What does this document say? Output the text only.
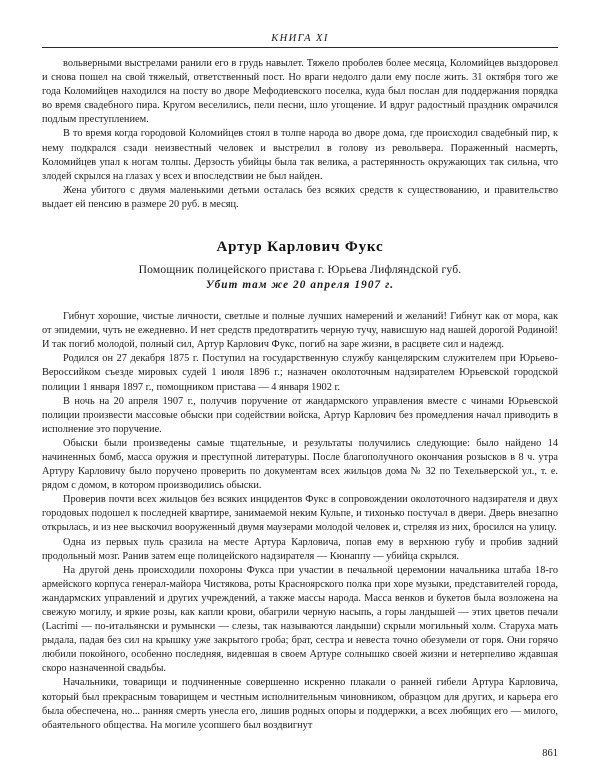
КНИГА XI

вольверными выстрелами ранили его в грудь навылет. Тяжело проболев более месяца, Коломийцев выздоровел и снова пошел на свой тяжелый, ответственный пост. Но враги недолго дали ему после жить. 31 октября того же года Коломийцев находился на посту во дворе Мефодиевского поселка, куда был послан для поддержания порядка во время свадебного пира. Кругом веселились, пели песни, шло угощение. И вдруг радостный праздник омрачился подлым преступлением.

В то время когда городовой Коломийцев стоял в толпе народа во дворе дома, где происходил свадебный пир, к нему подкрался сзади неизвестный человек и выстрелил в голову из револьвера. Пораженный насмерть, Коломийцев упал к ногам толпы. Дерзость убийцы была так велика, а растерянность окружающих так сильна, что злодей скрылся на глазах у всех и впоследствии не был найден.

Жена убитого с двумя маленькими детьми осталась без всяких средств к существованию, и правительство выдает ей пенсию в размере 20 руб. в месяц.

Артур Карлович Фукс
Помощник полицейского пристава г. Юрьева Лифляндской губ.
Убит там же 20 апреля 1907 г.

Гибнут хорошие, чистые личности, светлые и полные лучших намерений и желаний! Гибнут как от мора, как от эпидемии, чуть не ежедневно. И нет средств предотвратить черную тучу, нависшую над нашей дорогой Родиной! И так погиб молодой, полный сил, Артур Карлович Фукс, погиб на заре жизни, в расцвете сил и надежд.

Родился он 27 декабря 1875 г. Поступил на государственную службу канцелярским служителем при Юрьево-Вероссийком съезде мировых судей 1 июля 1896 г.; назначен околоточным надзирателем Юрьевской городской полиции 1 января 1897 г., помощником пристава — 4 января 1902 г.

В ночь на 20 апреля 1907 г., получив поручение от жандармского управления вместе с чинами Юрьевской полиции произвести массовые обыски при содействии войска, Артур Карлович без промедления начал приводить в исполнение это поручение.

Обыски были произведены самые тщательные, и результаты получились следующие: было найдено 14 начиненных бомб, масса оружия и преступной литературы. После благополучного окончания розысков в 8 ч. утра Артуру Карловичу было поручено проверить по документам всех жильцов дома № 32 по Техельверской ул., т. е. рядом с домом, в котором производились обыски.

Проверив почти всех жильцов без всяких инцидентов Фукс в сопровождении околоточного надзирателя и двух городовых подошел к последней квартире, занимаемой неким Кульпе, и тихонько постучал в двери. Дверь внезапно открылась, и из нее выскочил вооруженный двумя маузерами молодой человек и, стреляя из них, бросился на улицу.

Одна из первых пуль сразила на месте Артура Карловича, попав ему в верхнюю губу и пробив задний продольный мозг. Ранив затем еще полицейского надзирателя — Кюнаппу — убийца скрылся.

На другой день происходили похороны Фукса при участии в печальной церемонии начальника штаба 18-го армейского корпуса генерал-майора Чистякова, роты Красноярского полка при хоре музыки, представителей города, жандармских управлений и других учреждений, а также массы народа. Масса венков и букетов была возложена на свежую могилу, и яркие розы, как капли крови, обагрили черную насыпь, а горы ландышей — этих цветов печали (Lacrimi — по-итальянски и румынски — слезы, так называются ландыши) скрыли могильный холм. Старуха мать рыдала, падая без сил на крышку уже закрытого гроба; брат, сестра и невеста точно обезумели от горя. Они горячо любили покойного, особенно последняя, видевшая в своем Артуре солнышко своей жизни и нетерпеливо ждавшая скоро назначенной свадьбы.

Начальники, товарищи и подчиненные совершенно искренно плакали о ранней гибели Артура Карловича, который был прекрасным товарищем и честным исполнительным чиновником, образцом для других, и карьера его была обеспечена, но... ранняя смерть унесла его, лишив родных опоры и поддержки, а всех любящих его — милого, обаятельного общества. На могиле усопшего был воздвигнут

861
